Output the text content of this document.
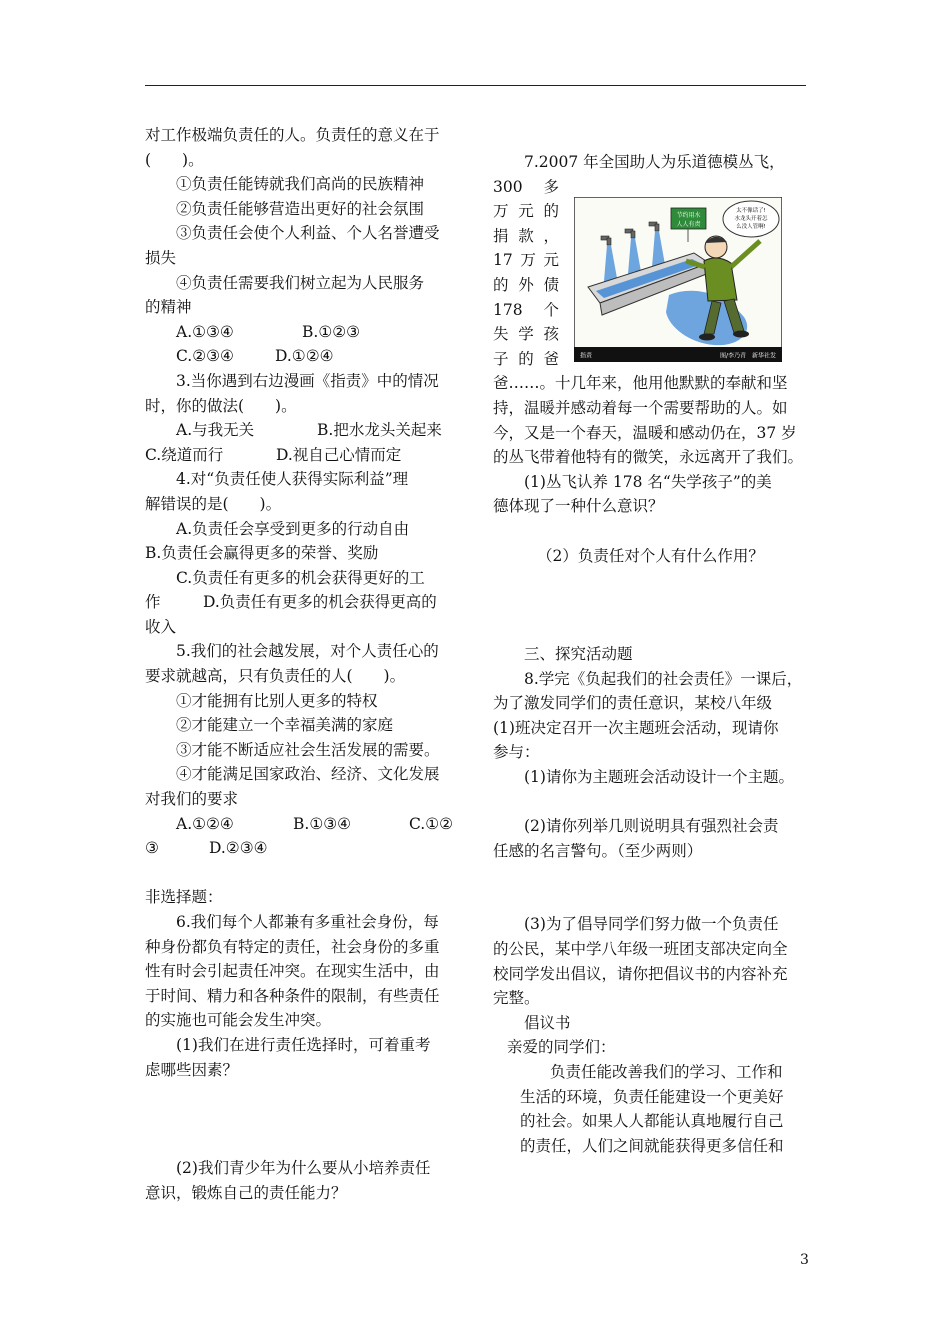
对工作极端负责任的人。负责任的意义在于

(　　)。

①负责任能铸就我们高尚的民族精神

②负责任能够营造出更好的社会氛围

③负责任会使个人利益、个人名誉遭受

损失

④负责任需要我们树立起为人民服务

的精神

A.①③④	B.①②③
C.②③④	D.①②④

3.当你遇到右边漫画《指责》中的情况

时，你的做法(　　)。

A.与我无关	B.把水龙头关起来
C.绕道而行	D.视自己心情而定

4.对“负责任使人获得实际利益”理

解错误的是(　　)。

A.负责任会享受到更多的行动自由

B.负责任会赢得更多的荣誉、奖励

C.负责任有更多的机会获得更好的工

作	D.负责任有更多的机会获得更高的

收入

5.我们的社会越发展，对个人责任心的

要求就越高，只有负责任的人(　　)。

①才能拥有比别人更多的特权

②才能建立一个幸福美满的家庭

③才能不断适应社会生活发展的需要。

④才能满足国家政治、经济、文化发展

对我们的要求

A.①②④	B.①③④	C.①②
③	D.②③④

非选择题：

6.我们每个人都兼有多重社会身份，每

种身份都负有特定的责任，社会身份的多重

性有时会引起责任冲突。在现实生活中，由

于时间、精力和各种条件的限制，有些责任

的实施也可能会发生冲突。

(1)我们在进行责任选择时，可着重考

虑哪些因素？

(2)我们青少年为什么要从小培养责任

意识，锻炼自己的责任能力？

7.2007 年全国助人为乐道德模丛飞，

300 多
万 元 的
捐 款 ，
17 万 元
的 外 债
178 个
失 学 孩
子 的 爸

爸……。十几年来，他用他默默的奉献和坚

持，温暖并感动着每一个需要帮助的人。如

今，又是一个春天，温暖和感动仍在，37 岁

的丛飞带着他特有的微笑，永远离开了我们。

(1)丛飞认养 178 名“失学孩子”的美

德体现了一种什么意识？

（2）负责任对个人有什么作用？

三、探究活动题

8.学完《负起我们的社会责任》一课后，

为了激发同学们的责任意识，某校八年级

(1)班决定召开一次主题班会活动，现请你

参与：

(1)请你为主题班会活动设计一个主题。

(2)请你列举几则说明具有强烈社会责

任感的名言警句。（至少两则）

(3)为了倡导同学们努力做一个负责任

的公民，某中学八年级一班团支部决定向全

校同学发出倡议，请你把倡议书的内容补充

完整。

倡议书

亲爱的同学们：

负责任能改善我们的学习、工作和

生活的环境，负责任能建设一个更美好

的社会。如果人人都能认真地履行自己

的责任，人们之间就能获得更多信任和

节约用水
人人有责
太不像话了!
水龙头开着怎
么没人管啊!
指责	图/李乃青　新华社发
3
